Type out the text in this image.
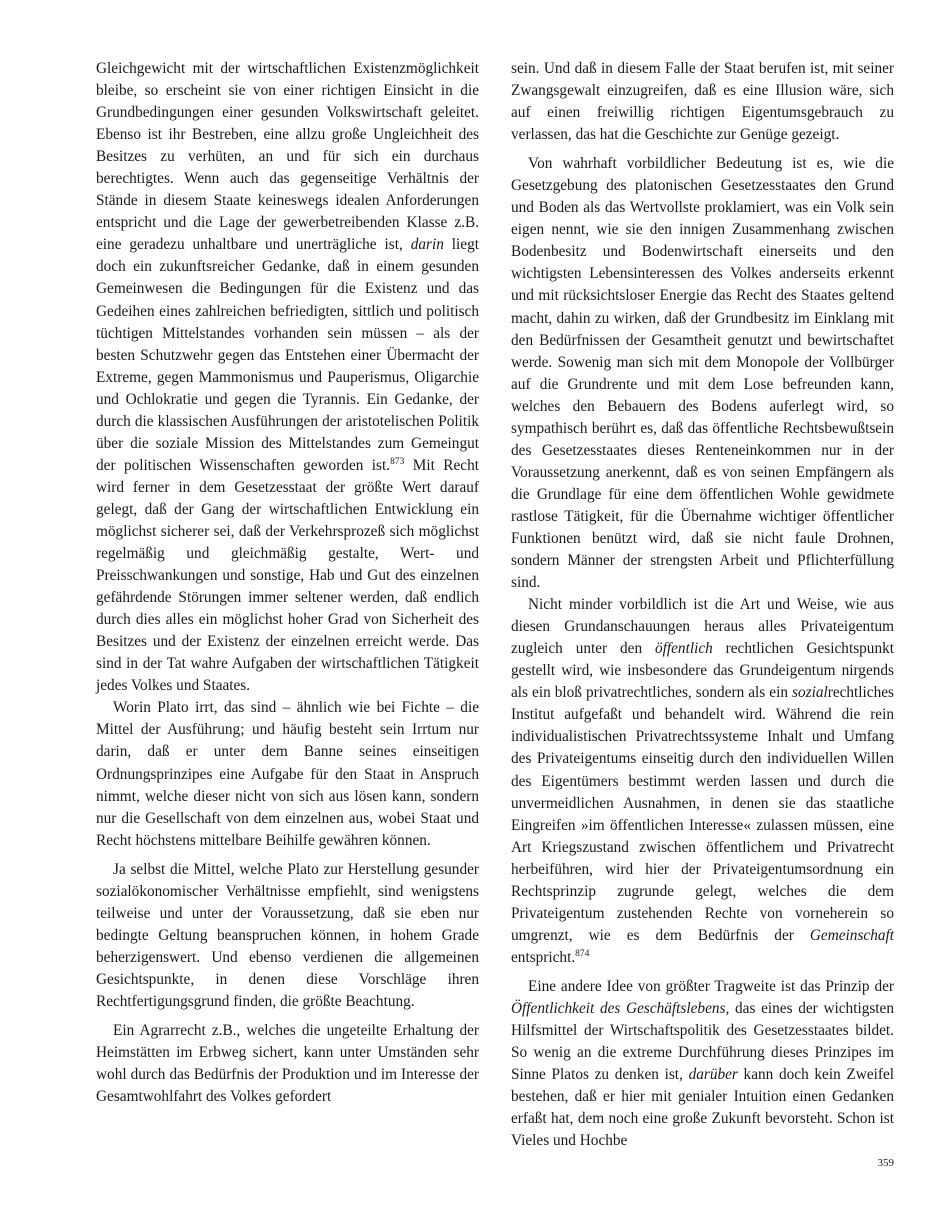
Gleichgewicht mit der wirtschaftlichen Existenzmöglichkeit bleibe, so erscheint sie von einer richtigen Einsicht in die Grundbedingungen einer gesunden Volkswirtschaft geleitet. Ebenso ist ihr Bestreben, eine allzu große Ungleichheit des Besitzes zu verhüten, an und für sich ein durchaus berechtigtes. Wenn auch das gegenseitige Verhältnis der Stände in diesem Staate keineswegs idealen Anforderungen entspricht und die Lage der gewerbetreibenden Klasse z.B. eine geradezu unhaltbare und unerträgliche ist, darin liegt doch ein zukunftsreicher Gedanke, daß in einem gesunden Gemeinwesen die Bedingungen für die Existenz und das Gedeihen eines zahlreichen befriedigten, sittlich und politisch tüchtigen Mittelstandes vorhanden sein müssen – als der besten Schutzwehr gegen das Entstehen einer Übermacht der Extreme, gegen Mammonismus und Pauperismus, Oligarchie und Ochlokratie und gegen die Tyrannis. Ein Gedanke, der durch die klassischen Ausführungen der aristotelischen Politik über die soziale Mission des Mittelstandes zum Gemeingut der politischen Wissenschaften geworden ist.$^{873}$ Mit Recht wird ferner in dem Gesetzesstaat der größte Wert darauf gelegt, daß der Gang der wirtschaftlichen Entwicklung ein möglichst sicherer sei, daß der Verkehrsprozeß sich möglichst regelmäßig und gleichmäßig gestalte, Wert- und Preisschwankungen und sonstige, Hab und Gut des einzelnen gefährdende Störungen immer seltener werden, daß endlich durch dies alles ein möglichst hoher Grad von Sicherheit des Besitzes und der Existenz der einzelnen erreicht werde. Das sind in der Tat wahre Aufgaben der wirtschaftlichen Tätigkeit jedes Volkes und Staates.

Worin Plato irrt, das sind – ähnlich wie bei Fichte – die Mittel der Ausführung; und häufig besteht sein Irrtum nur darin, daß er unter dem Banne seines einseitigen Ordnungsprinzipes eine Aufgabe für den Staat in Anspruch nimmt, welche dieser nicht von sich aus lösen kann, sondern nur die Gesellschaft von dem einzelnen aus, wobei Staat und Recht höchstens mittelbare Beihilfe gewähren können.

Ja selbst die Mittel, welche Plato zur Herstellung gesunder sozialökonomischer Verhältnisse empfiehlt, sind wenigstens teilweise und unter der Voraussetzung, daß sie eben nur bedingte Geltung beanspruchen können, in hohem Grade beherzigenswert. Und ebenso verdienen die allgemeinen Gesichtspunkte, in denen diese Vorschläge ihren Rechtfertigungsgrund finden, die größte Beachtung.

Ein Agrarrecht z.B., welches die ungeteilte Erhaltung der Heimstätten im Erbweg sichert, kann unter Umständen sehr wohl durch das Bedürfnis der Produktion und im Interesse der Gesamtwohlfahrt des Volkes gefordert

sein. Und daß in diesem Falle der Staat berufen ist, mit seiner Zwangsgewalt einzugreifen, daß es eine Illusion wäre, sich auf einen freiwillig richtigen Eigentumsgebrauch zu verlassen, das hat die Geschichte zur Genüge gezeigt.

Von wahrhaft vorbildlicher Bedeutung ist es, wie die Gesetzgebung des platonischen Gesetzesstaates den Grund und Boden als das Wertvollste proklamiert, was ein Volk sein eigen nennt, wie sie den innigen Zusammenhang zwischen Bodenbesitz und Bodenwirtschaft einerseits und den wichtigsten Lebensinteressen des Volkes anderseits erkennt und mit rücksichtsloser Energie das Recht des Staates geltend macht, dahin zu wirken, daß der Grundbesitz im Einklang mit den Bedürfnissen der Gesamtheit genutzt und bewirtschaftet werde. Sowenig man sich mit dem Monopole der Vollbürger auf die Grundrente und mit dem Lose befreunden kann, welches den Bebauern des Bodens auferlegt wird, so sympathisch berührt es, daß das öffentliche Rechtsbewußtsein des Gesetzesstaates dieses Renteneinkommen nur in der Voraussetzung anerkennt, daß es von seinen Empfängern als die Grundlage für eine dem öffentlichen Wohle gewidmete rastlose Tätigkeit, für die Übernahme wichtiger öffentlicher Funktionen benützt wird, daß sie nicht faule Drohnen, sondern Männer der strengsten Arbeit und Pflichterfüllung sind.

Nicht minder vorbildlich ist die Art und Weise, wie aus diesen Grundanschauungen heraus alles Privateigentum zugleich unter den öffentlich rechtlichen Gesichtspunkt gestellt wird, wie insbesondere das Grundeigentum nirgends als ein bloß privatrechtliches, sondern als ein sozialrechtliches Institut aufgefaßt und behandelt wird. Während die rein individualistischen Privatrechtssysteme Inhalt und Umfang des Privateigentums einseitig durch den individuellen Willen des Eigentümers bestimmt werden lassen und durch die unvermeidlichen Ausnahmen, in denen sie das staatliche Eingreifen »im öffentlichen Interesse« zulassen müssen, eine Art Kriegszustand zwischen öffentlichem und Privatrecht herbeiführen, wird hier der Privateigentumsordnung ein Rechtsprinzip zugrunde gelegt, welches die dem Privateigentum zustehenden Rechte von vorneherein so umgrenzt, wie es dem Bedürfnis der Gemeinschaft entspricht.$^{874}$

Eine andere Idee von größter Tragweite ist das Prinzip der Öffentlichkeit des Geschäftslebens, das eines der wichtigsten Hilfsmittel der Wirtschaftspolitik des Gesetzesstaates bildet. So wenig an die extreme Durchführung dieses Prinzipes im Sinne Platos zu denken ist, darüber kann doch kein Zweifel bestehen, daß er hier mit genialer Intuition einen Gedanken erfaßt hat, dem noch eine große Zukunft bevorsteht. Schon ist Vieles und Hochbe

359
